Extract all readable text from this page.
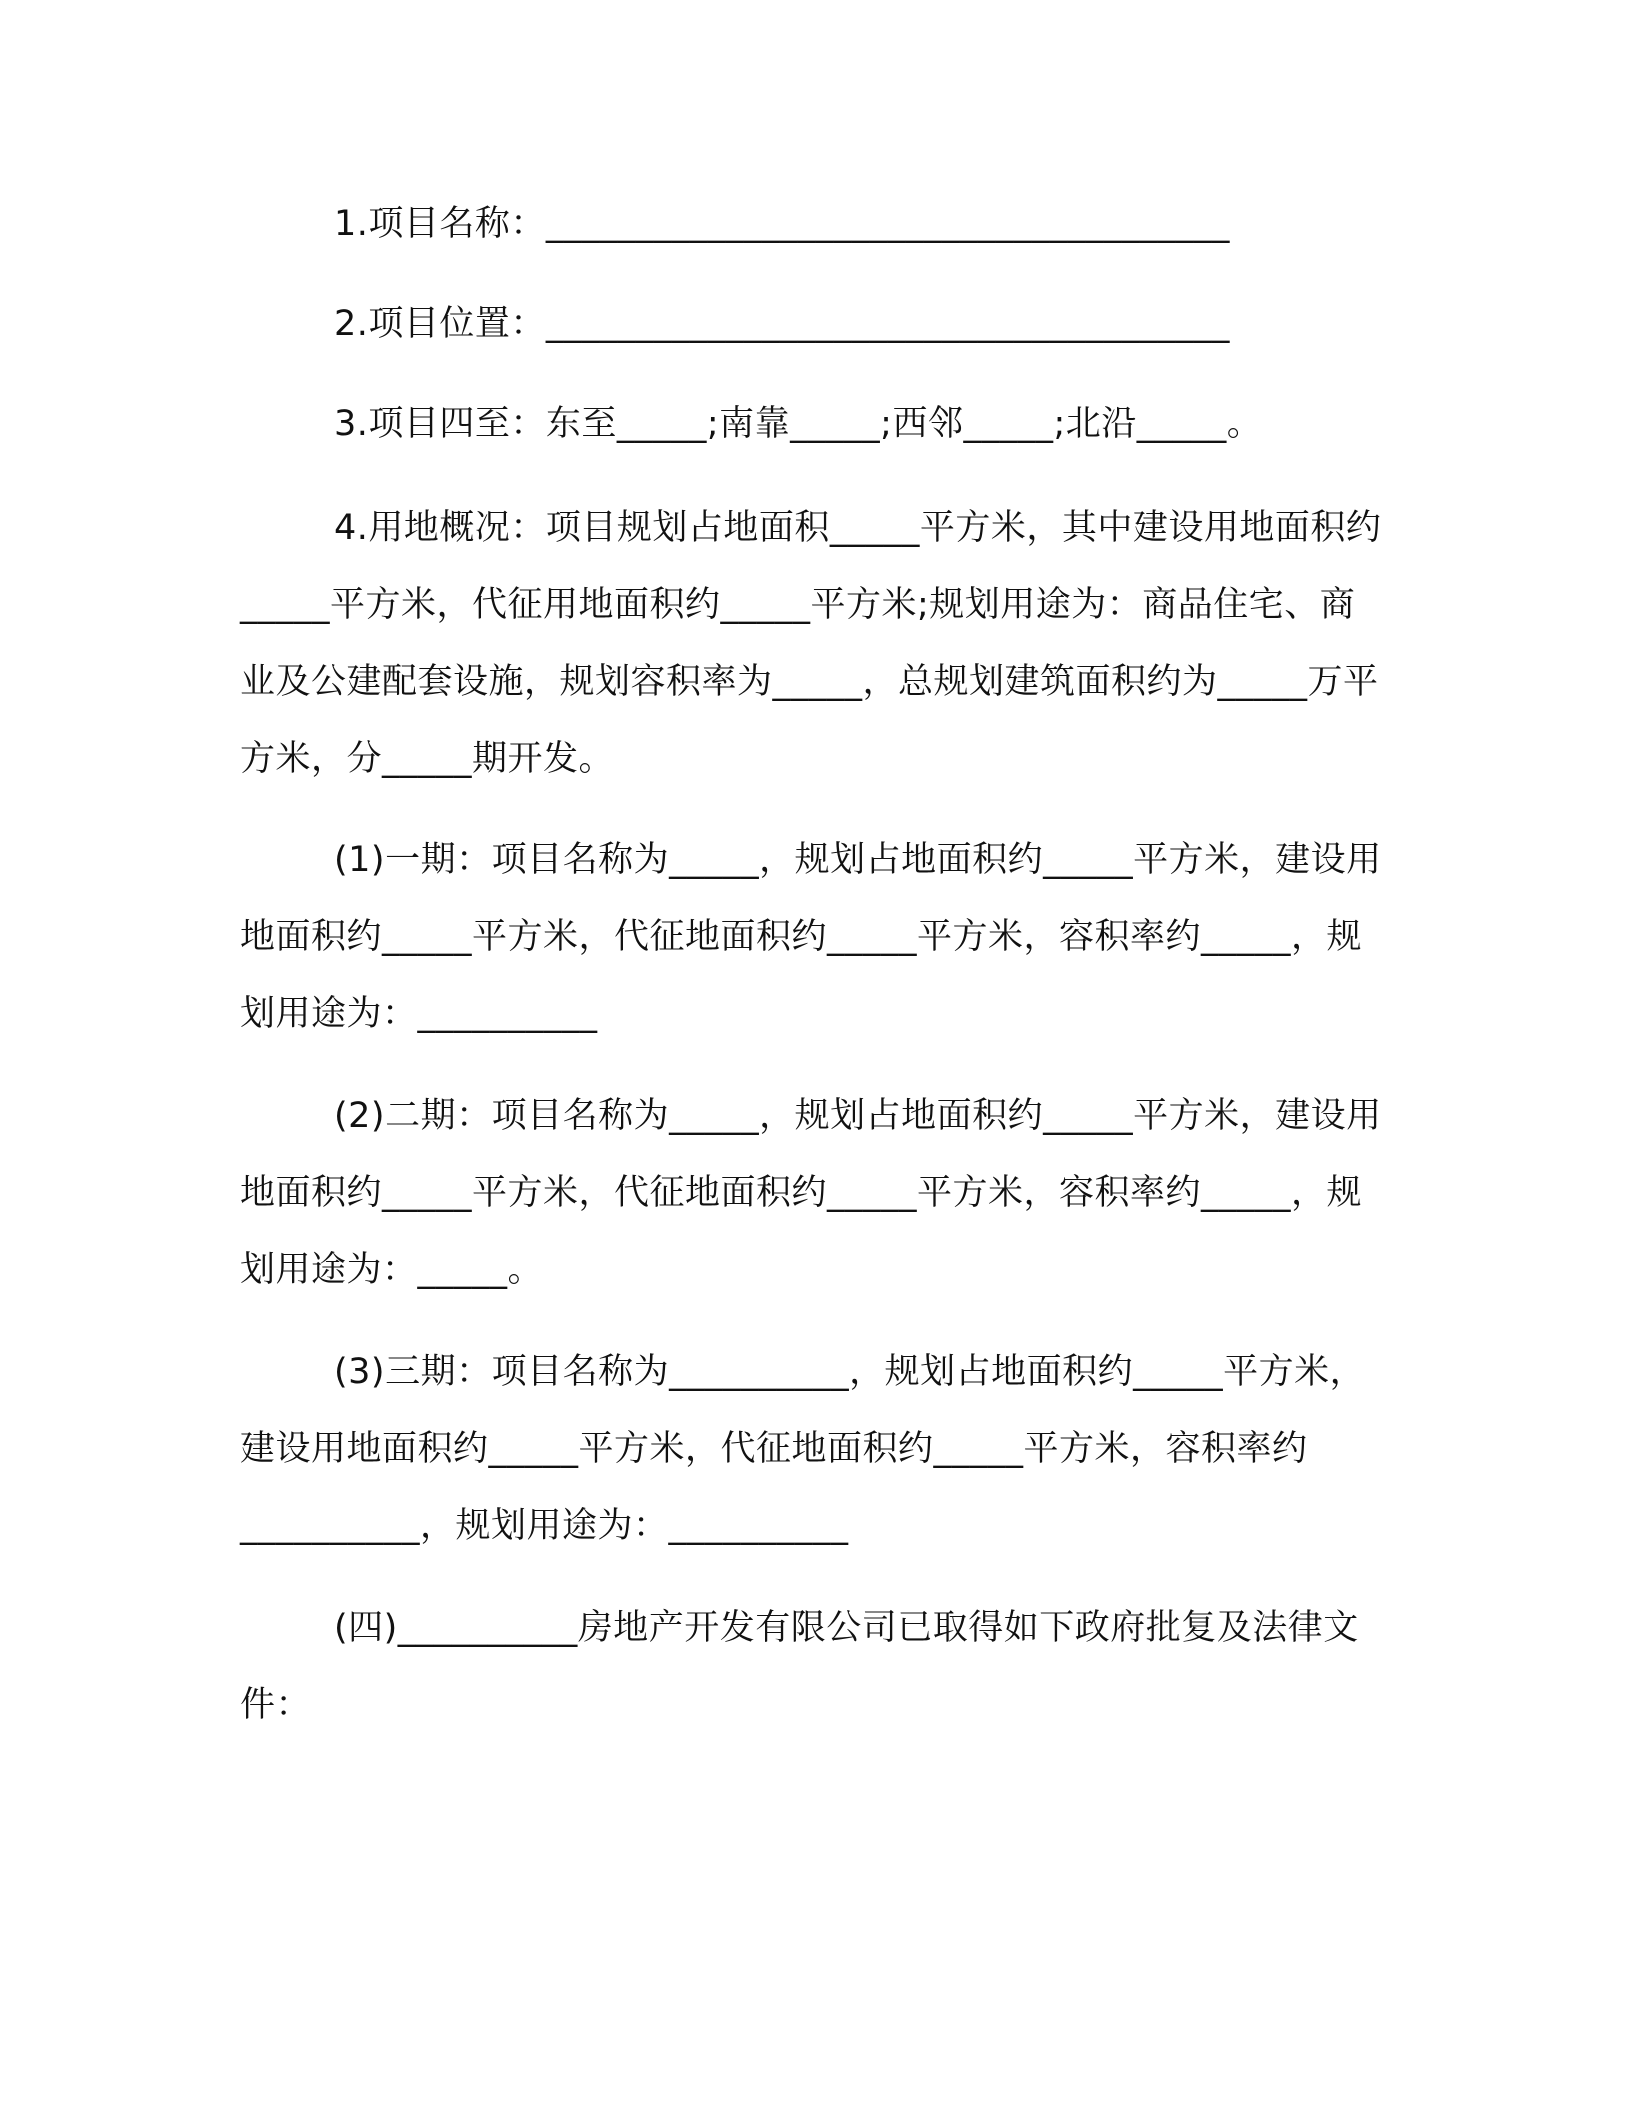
1.项目名称：______________________________________
2.项目位置：______________________________________
3.项目四至：东至_____;南靠_____;西邻_____;北沿_____。
4.用地概况：项目规划占地面积_____平方米，其中建设用地面积约_____平方米，代征用地面积约_____平方米;规划用途为：商品住宅、商业及公建配套设施，规划容积率为_____，总规划建筑面积约为_____万平方米，分_____期开发。
(1)一期：项目名称为_____，规划占地面积约_____平方米，建设用地面积约_____平方米，代征地面积约_____平方米，容积率约_____，规划用途为：__________
(2)二期：项目名称为_____，规划占地面积约_____平方米，建设用地面积约_____平方米，代征地面积约_____平方米，容积率约_____，规划用途为：_____。
(3)三期：项目名称为__________，规划占地面积约_____平方米，建设用地面积约_____平方米，代征地面积约_____平方米，容积率约__________，规划用途为：__________
(四)__________房地产开发有限公司已取得如下政府批复及法律文件：
